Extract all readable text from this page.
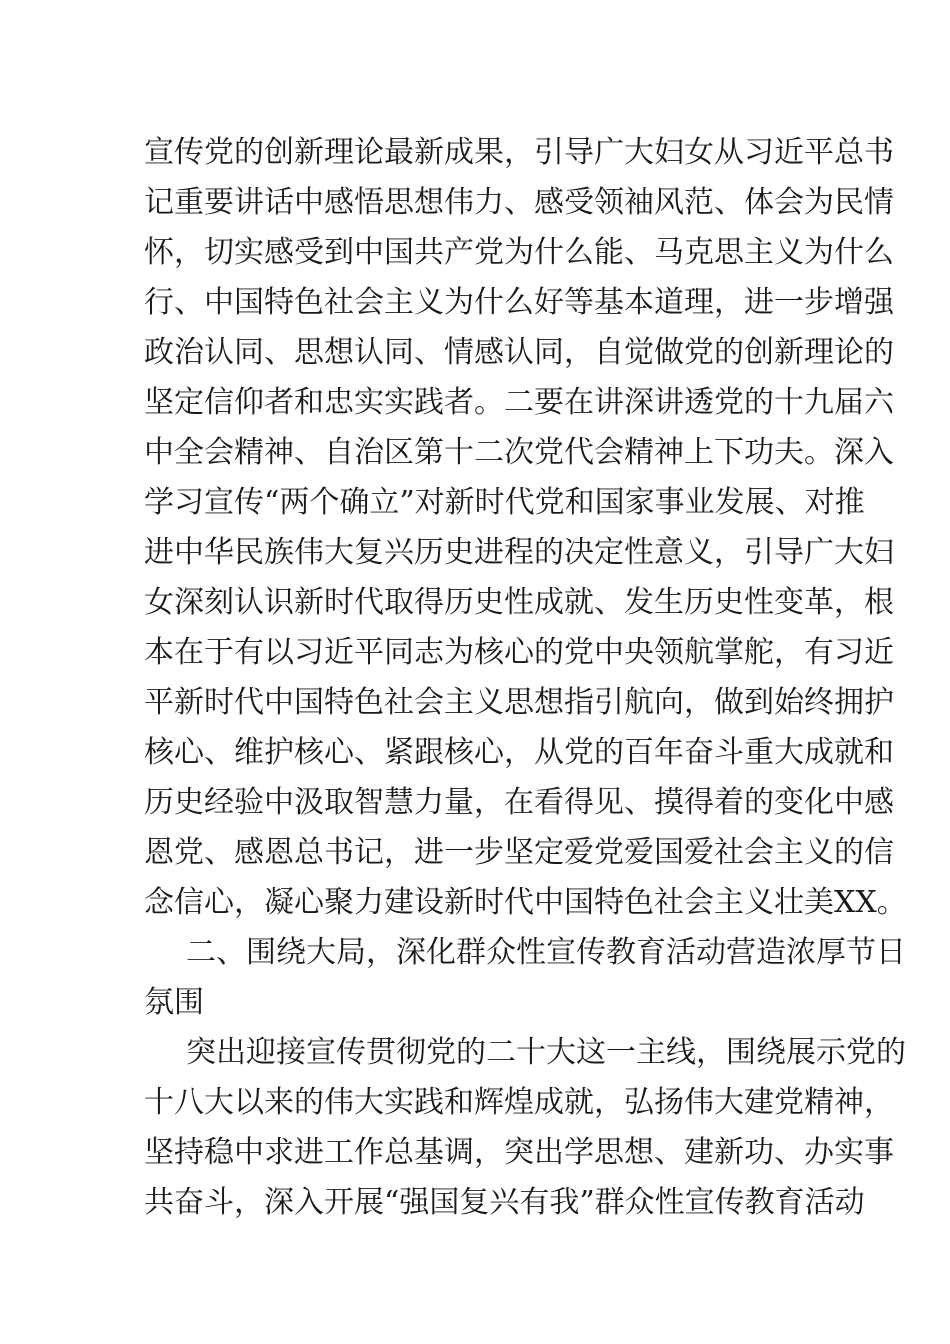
宣传党的创新理论最新成果，引导广大妇女从习近平总书
记重要讲话中感悟思想伟力、感受领袖风范、体会为民情
怀，切实感受到中国共产党为什么能、马克思主义为什么
行、中国特色社会主义为什么好等基本道理，进一步增强
政治认同、思想认同、情感认同，自觉做党的创新理论的
坚定信仰者和忠实实践者。二要在讲深讲透党的十九届六
中全会精神、自治区第十二次党代会精神上下功夫。深入
学习宣传“两个确立”对新时代党和国家事业发展、对推
进中华民族伟大复兴历史进程的决定性意义，引导广大妇
女深刻认识新时代取得历史性成就、发生历史性变革，根
本在于有以习近平同志为核心的党中央领航掌舵，有习近
平新时代中国特色社会主义思想指引航向，做到始终拥护
核心、维护核心、紧跟核心，从党的百年奋斗重大成就和
历史经验中汲取智慧力量，在看得见、摸得着的变化中感
恩党、感恩总书记，进一步坚定爱党爱国爱社会主义的信
念信心，凝心聚力建设新时代中国特色社会主义壮美XX。
二、围绕大局，深化群众性宣传教育活动营造浓厚节日
氛围
突出迎接宣传贯彻党的二十大这一主线，围绕展示党的
十八大以来的伟大实践和辉煌成就，弘扬伟大建党精神，
坚持稳中求进工作总基调，突出学思想、建新功、办实事
共奋斗，深入开展“强国复兴有我”群众性宣传教育活动
